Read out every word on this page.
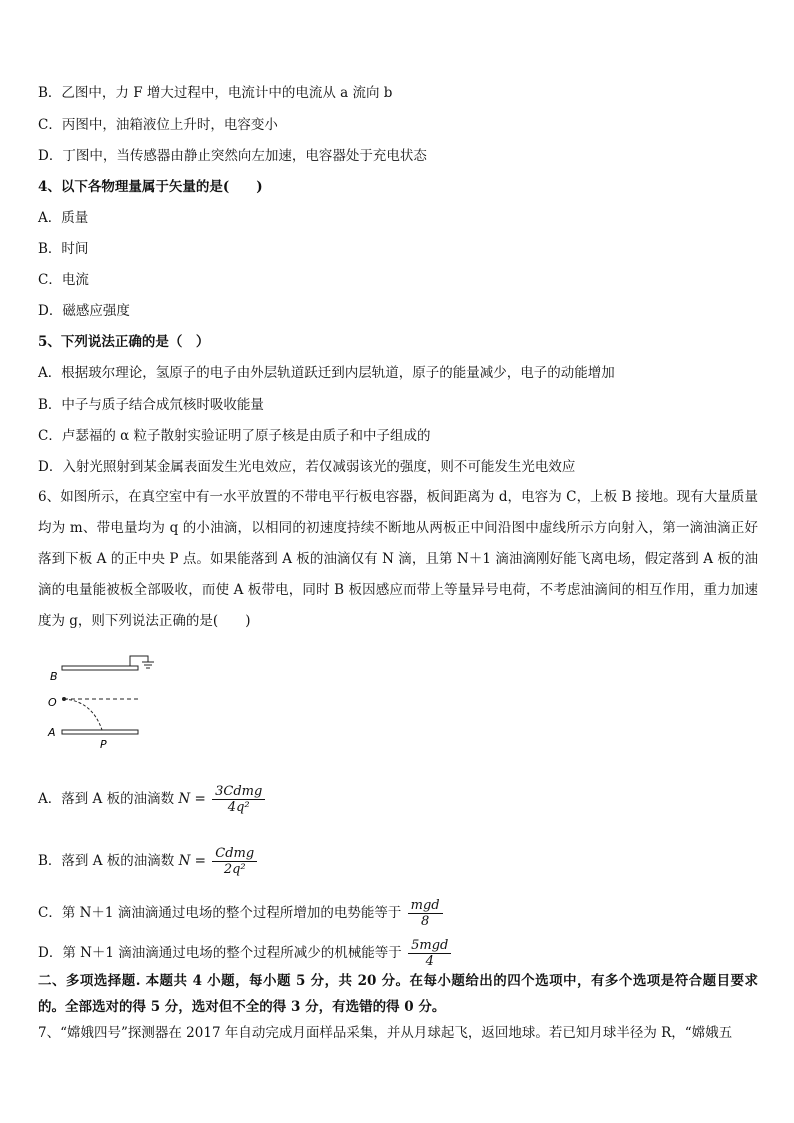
B．乙图中，力 F 增大过程中，电流计中的电流从 a 流向 b
C．丙图中，油箱液位上升时，电容变小
D．丁图中，当传感器由静止突然向左加速，电容器处于充电状态
4、以下各物理量属于矢量的是(　　)
A．质量
B．时间
C．电流
D．磁感应强度
5、下列说法正确的是（　）
A．根据玻尔理论，氢原子的电子由外层轨道跃迁到内层轨道，原子的能量减少，电子的动能增加
B．中子与质子结合成氘核时吸收能量
C．卢瑟福的 α 粒子散射实验证明了原子核是由质子和中子组成的
D．入射光照射到某金属表面发生光电效应，若仅减弱该光的强度，则不可能发生光电效应
6、如图所示，在真空室中有一水平放置的不带电平行板电容器，板间距离为 d，电容为 C，上板 B 接地。现有大量质量均为 m、带电量均为 q 的小油滴，以相同的初速度持续不断地从两板正中间沿图中虚线所示方向射入，第一滴油滴正好落到下板 A 的正中央 P 点。如果能落到 A 板的油滴仅有 N 滴，且第 N＋1 滴油滴刚好能飞离电场，假定落到 A 板的油滴的电量能被板全部吸收，而使 A 板带电，同时 B 板因感应而带上等量异号电荷，不考虑油滴间的相互作用，重力加速度为 g，则下列说法正确的是(　　)
B
O
A
P
A．落到 A 板的油滴数 $N = \frac{\text{3Cdmg}}{\text{4q²}}$
B．落到 A 板的油滴数 $N = \frac{\text{Cdmg}}{\text{2q²}}$
C．第 N＋1 滴油滴通过电场的整个过程所增加的电势能等于 $\frac{\text{mgd}}{8}$
D．第 N＋1 滴油滴通过电场的整个过程所减少的机械能等于 $\frac{\text{5mgd}}{4}$
二、多项选择题. 本题共 4 小题，每小题 5 分，共 20 分。在每小题给出的四个选项中，有多个选项是符合题目要求的。全部选对的得 5 分，选对但不全的得 3 分，有选错的得 0 分。
7、“嫦娥四号”探测器在 2017 年自动完成月面样品采集，并从月球起飞，返回地球。若已知月球半径为 R，“嫦娥五
